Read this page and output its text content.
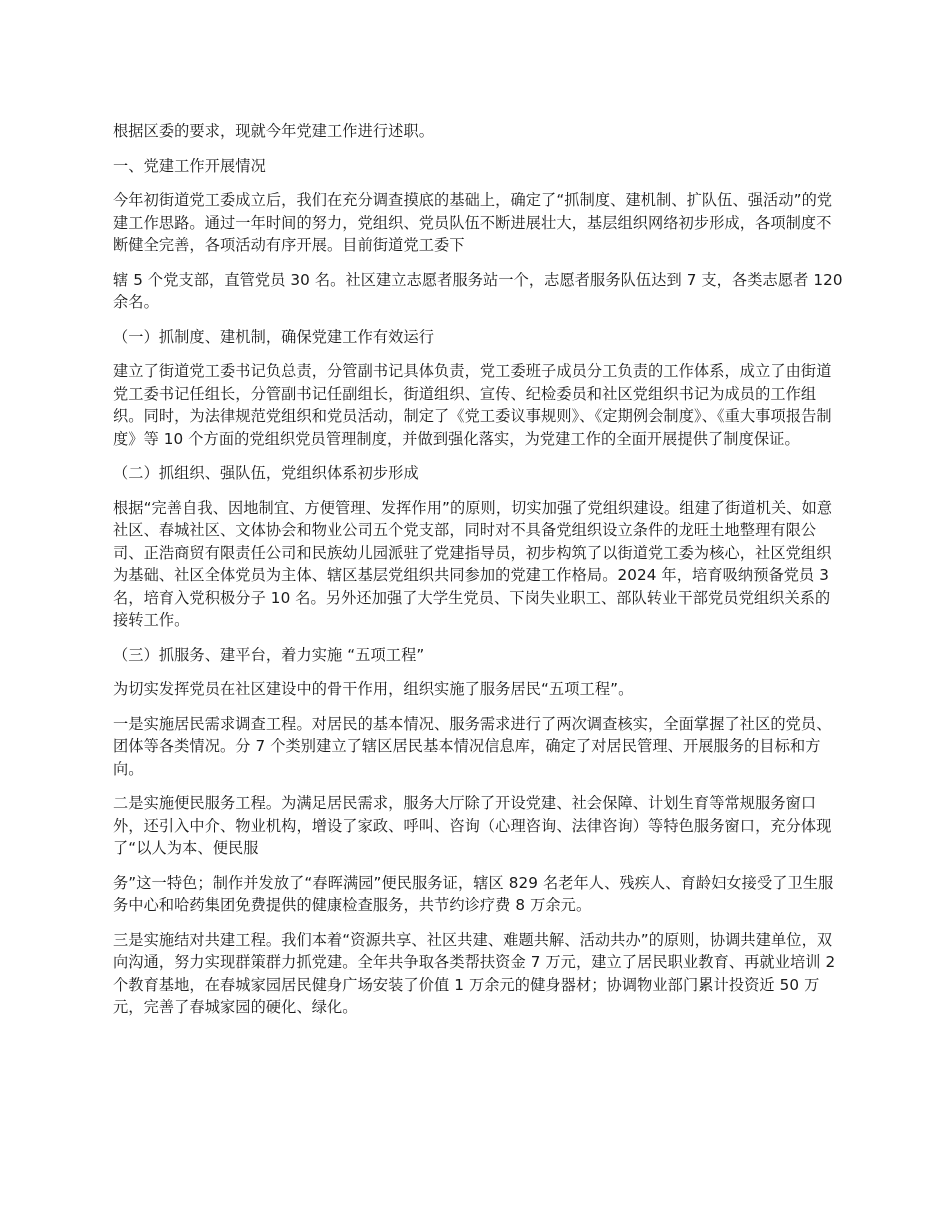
根据区委的要求，现就今年党建工作进行述职。

一、党建工作开展情况

今年初街道党工委成立后，我们在充分调查摸底的基础上，确定了“抓制度、建机制、扩队伍、强活动”的党建工作思路。通过一年时间的努力，党组织、党员队伍不断进展壮大，基层组织网络初步形成，各项制度不断健全完善，各项活动有序开展。目前街道党工委下

辖 5 个党支部，直管党员 30 名。社区建立志愿者服务站一个，志愿者服务队伍达到 7 支，各类志愿者 120 余名。

（一）抓制度、建机制，确保党建工作有效运行

建立了街道党工委书记负总责，分管副书记具体负责，党工委班子成员分工负责的工作体系，成立了由街道党工委书记任组长，分管副书记任副组长，街道组织、宣传、纪检委员和社区党组织书记为成员的工作组织。同时，为法律规范党组织和党员活动，制定了《党工委议事规则》、《定期例会制度》、《重大事项报告制度》等 10 个方面的党组织党员管理制度，并做到强化落实，为党建工作的全面开展提供了制度保证。

（二）抓组织、强队伍，党组织体系初步形成

根据“完善自我、因地制宜、方便管理、发挥作用”的原则，切实加强了党组织建设。组建了街道机关、如意社区、春城社区、文体协会和物业公司五个党支部，同时对不具备党组织设立条件的龙旺土地整理有限公司、正浩商贸有限责任公司和民族幼儿园派驻了党建指导员，初步构筑了以街道党工委为核心，社区党组织为基础、社区全体党员为主体、辖区基层党组织共同参加的党建工作格局。2024 年，培育吸纳预备党员 3 名，培育入党积极分子 10 名。另外还加强了大学生党员、下岗失业职工、部队转业干部党员党组织关系的接转工作。

（三）抓服务、建平台，着力实施 “五项工程”

为切实发挥党员在社区建设中的骨干作用，组织实施了服务居民“五项工程”。

一是实施居民需求调查工程。对居民的基本情况、服务需求进行了两次调查核实，全面掌握了社区的党员、团体等各类情况。分 7 个类别建立了辖区居民基本情况信息库，确定了对居民管理、开展服务的目标和方向。

二是实施便民服务工程。为满足居民需求，服务大厅除了开设党建、社会保障、计划生育等常规服务窗口外，还引入中介、物业机构，增设了家政、呼叫、咨询（心理咨询、法律咨询）等特色服务窗口，充分体现了“以人为本、便民服

务”这一特色；制作并发放了“春晖满园”便民服务证，辖区 829 名老年人、残疾人、育龄妇女接受了卫生服务中心和哈药集团免费提供的健康检查服务，共节约诊疗费 8 万余元。

三是实施结对共建工程。我们本着“资源共享、社区共建、难题共解、活动共办”的原则，协调共建单位，双向沟通，努力实现群策群力抓党建。全年共争取各类帮扶资金 7 万元，建立了居民职业教育、再就业培训 2 个教育基地，在春城家园居民健身广场安装了价值 1 万余元的健身器材；协调物业部门累计投资近 50 万元，完善了春城家园的硬化、绿化。
